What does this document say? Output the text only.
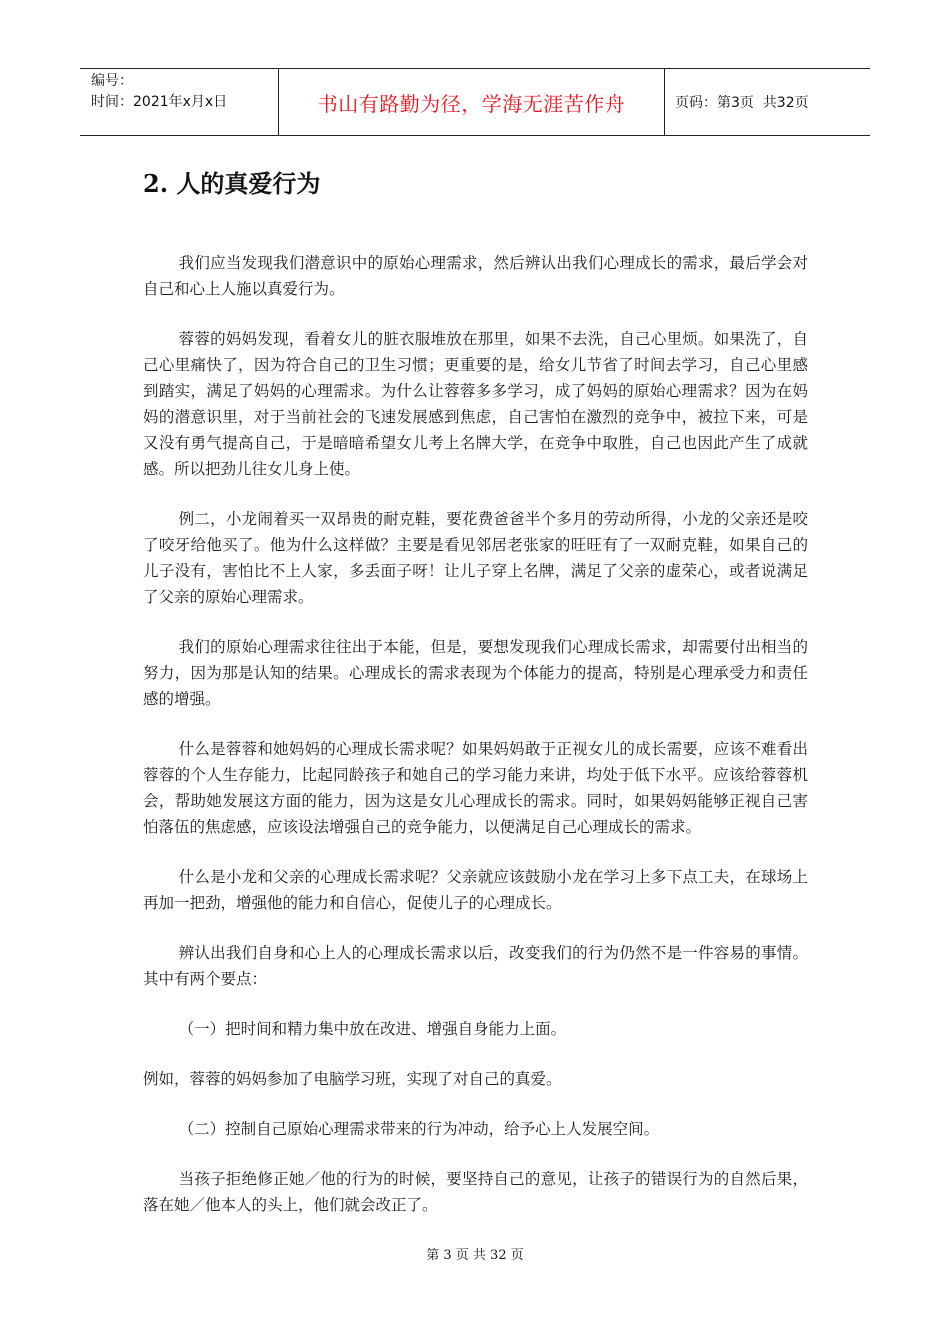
编号：
时间：2021年x月x日	书山有路勤为径，学海无涯苦作舟	页码：第3页  共32页
2. 人的真爱行为

我们应当发现我们潜意识中的原始心理需求，然后辨认出我们心理成长的需求，最后学会对自己和心上人施以真爱行为。

蓉蓉的妈妈发现，看着女儿的脏衣服堆放在那里，如果不去洗，自己心里烦。如果洗了，自己心里痛快了，因为符合自己的卫生习惯；更重要的是，给女儿节省了时间去学习，自己心里感到踏实，满足了妈妈的心理需求。为什么让蓉蓉多多学习，成了妈妈的原始心理需求？因为在妈妈的潜意识里，对于当前社会的飞速发展感到焦虑，自己害怕在激烈的竞争中，被拉下来，可是又没有勇气提高自己，于是暗暗希望女儿考上名牌大学，在竞争中取胜，自己也因此产生了成就感。所以把劲儿往女儿身上使。

例二，小龙闹着买一双昂贵的耐克鞋，要花费爸爸半个多月的劳动所得，小龙的父亲还是咬了咬牙给他买了。他为什么这样做？主要是看见邻居老张家的旺旺有了一双耐克鞋，如果自己的儿子没有，害怕比不上人家，多丢面子呀！让儿子穿上名牌，满足了父亲的虚荣心，或者说满足了父亲的原始心理需求。

我们的原始心理需求往往出于本能，但是，要想发现我们心理成长需求，却需要付出相当的努力，因为那是认知的结果。心理成长的需求表现为个体能力的提高，特别是心理承受力和责任感的增强。

什么是蓉蓉和她妈妈的心理成长需求呢？如果妈妈敢于正视女儿的成长需要，应该不难看出蓉蓉的个人生存能力，比起同龄孩子和她自己的学习能力来讲，均处于低下水平。应该给蓉蓉机会，帮助她发展这方面的能力，因为这是女儿心理成长的需求。同时，如果妈妈能够正视自己害怕落伍的焦虑感，应该设法增强自己的竞争能力，以便满足自己心理成长的需求。

什么是小龙和父亲的心理成长需求呢？父亲就应该鼓励小龙在学习上多下点工夫，在球场上再加一把劲，增强他的能力和自信心，促使儿子的心理成长。

辨认出我们自身和心上人的心理成长需求以后，改变我们的行为仍然不是一件容易的事情。其中有两个要点：

（一）把时间和精力集中放在改进、增强自身能力上面。

例如，蓉蓉的妈妈参加了电脑学习班，实现了对自己的真爱。

（二）控制自己原始心理需求带来的行为冲动，给予心上人发展空间。

当孩子拒绝修正她／他的行为的时候，要坚持自己的意见，让孩子的错误行为的自然后果，落在她／他本人的头上，他们就会改正了。

第 3 页 共 32 页
